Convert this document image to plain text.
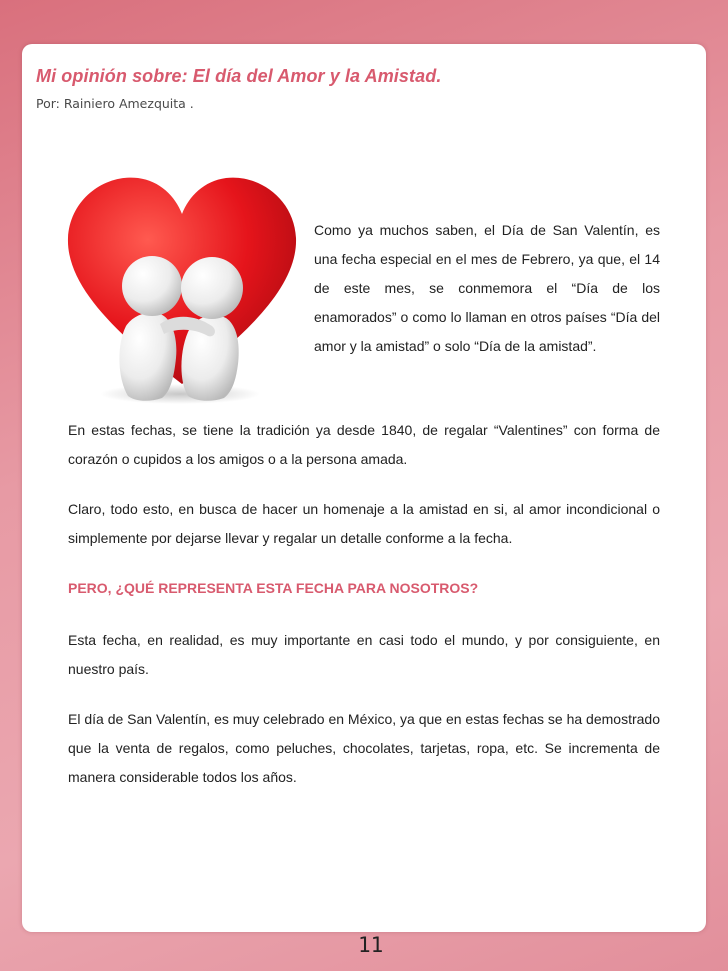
Mi opinión sobre: El día del Amor y la Amistad.
Por: Rainiero Amezquita .
Como ya muchos saben, el Día de San Valentín, es una fecha especial en el mes de Febrero, ya que, el 14 de este mes, se conmemora el “Día de los enamorados” o como lo llaman en otros países “Día del amor y la amistad” o solo “Día de la amistad”.

En estas fechas, se tiene la tradición ya desde 1840, de regalar “Valentines” con forma de corazón o cupidos a los amigos o a la persona amada.

Claro, todo esto, en busca de hacer un homenaje a la amistad en si, al amor incondicional o simplemente por dejarse llevar y regalar un detalle conforme a la fecha.

PERO, ¿QUÉ REPRESENTA ESTA FECHA PARA NOSOTROS?

Esta fecha, en realidad, es muy importante en casi todo el mundo, y por consiguiente, en nuestro país.

El día de San Valentín, es muy celebrado en México, ya que en estas fechas se ha demostrado que la venta de regalos, como peluches, chocolates, tarjetas, ropa, etc. Se incrementa de manera considerable todos los años.

11
